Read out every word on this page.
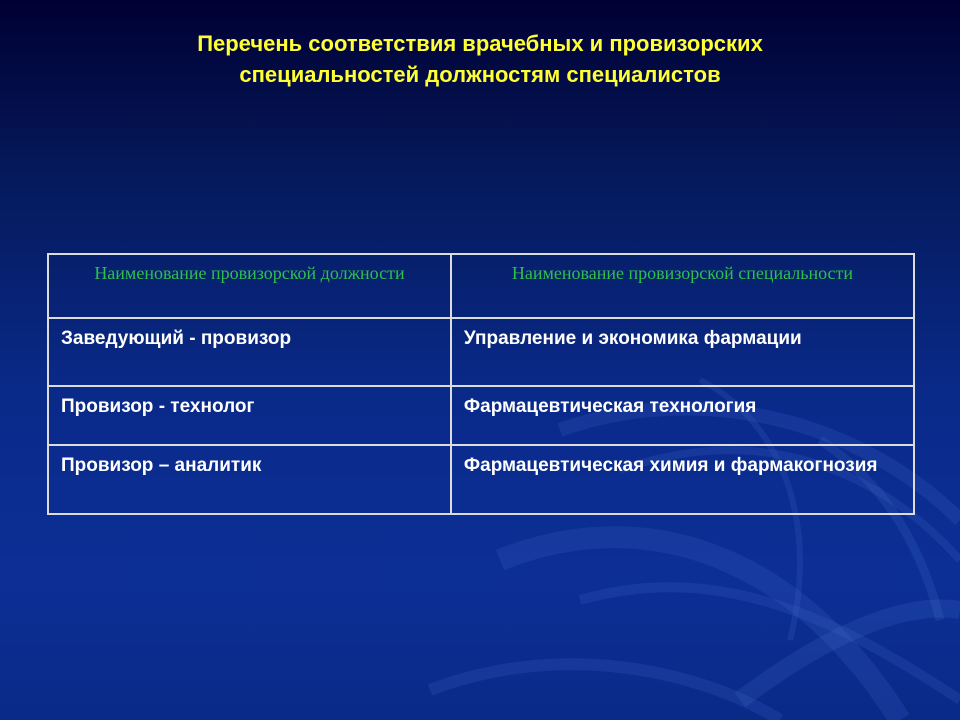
Перечень соответствия врачебных и провизорских
специальностей должностям специалистов
Наименование провизорской должности	Наименование провизорской специальности
Заведующий - провизор	Управление и экономика фармации
Провизор - технолог	Фармацевтическая технология
Провизор – аналитик	Фармацевтическая химия и фармакогнозия
